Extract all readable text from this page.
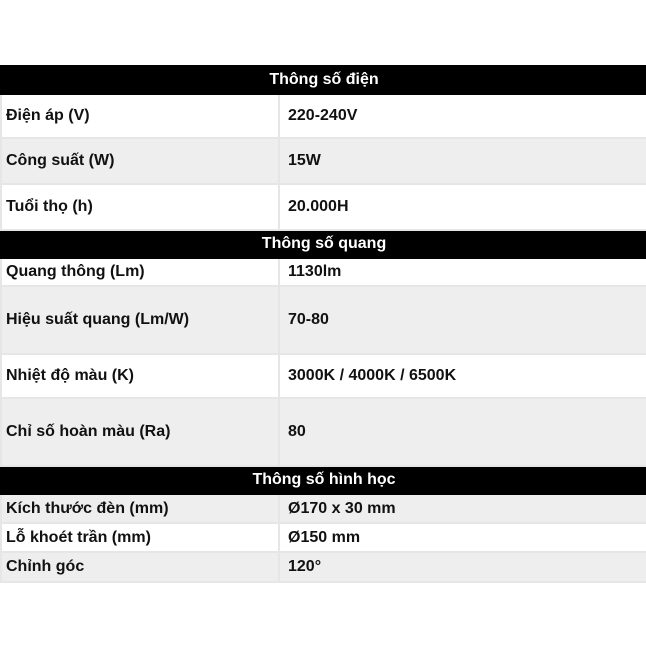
Thông số điện	
Điện áp (V)	220-240V
Công suất (W)	15W
Tuổi thọ (h)	20.000H
Thông số quang	
Quang thông (Lm)	1130lm
Hiệu suất quang (Lm/W)	70-80
Nhiệt độ màu (K)	3000K / 4000K / 6500K
Chỉ số hoàn màu (Ra)	80
Thông số hình học	
Kích thước đèn (mm)	Ø170 x 30 mm
Lỗ khoét trần (mm)	Ø150 mm
Chỉnh góc	120°
